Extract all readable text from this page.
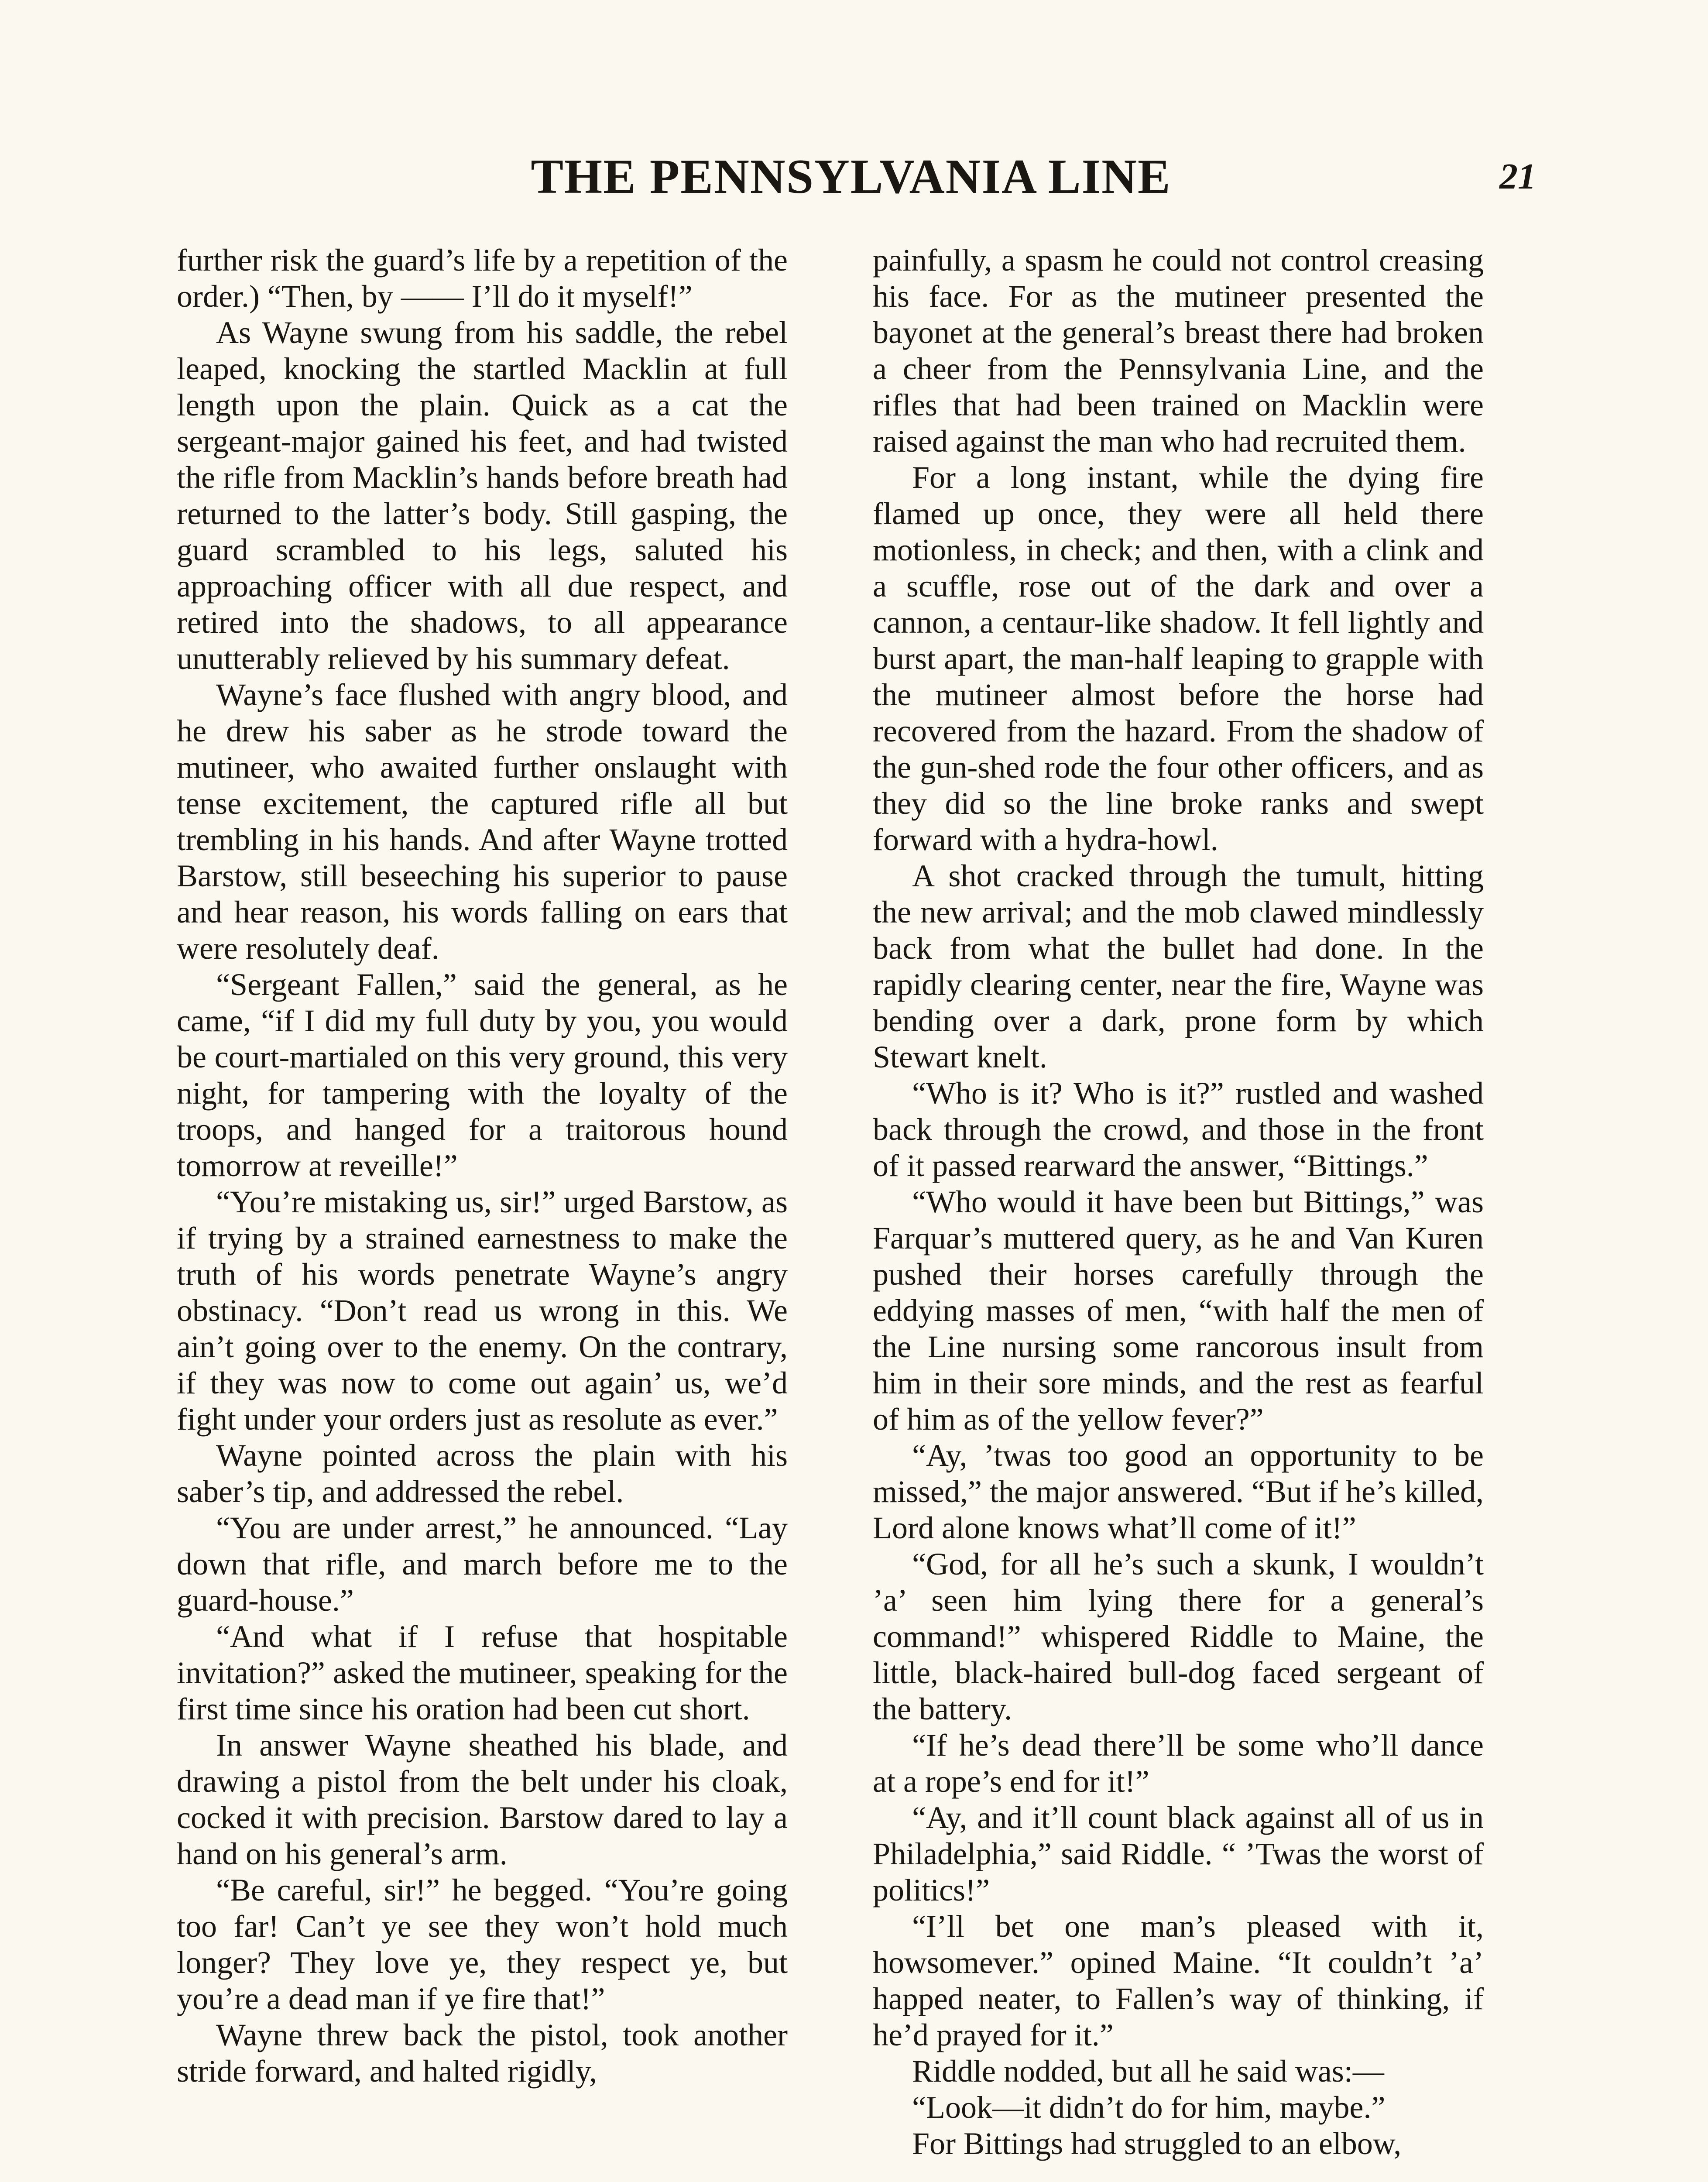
THE PENNSYLVANIA LINE	21

further risk the guard’s life by a repetition of the order.) “Then, by —— I’ll do it myself!”

As Wayne swung from his saddle, the rebel leaped, knocking the startled Macklin at full length upon the plain. Quick as a cat the sergeant-major gained his feet, and had twisted the rifle from Macklin’s hands before breath had returned to the latter’s body. Still gasping, the guard scrambled to his legs, saluted his approaching officer with all due respect, and retired into the shadows, to all appearance unutterably relieved by his summary defeat.

Wayne’s face flushed with angry blood, and he drew his saber as he strode toward the mutineer, who awaited further onslaught with tense excitement, the captured rifle all but trembling in his hands. And after Wayne trotted Barstow, still beseeching his superior to pause and hear reason, his words falling on ears that were resolutely deaf.

“Sergeant Fallen,” said the general, as he came, “if I did my full duty by you, you would be court-martialed on this very ground, this very night, for tampering with the loyalty of the troops, and hanged for a traitorous hound tomorrow at reveille!”

“You’re mistaking us, sir!” urged Barstow, as if trying by a strained earnestness to make the truth of his words penetrate Wayne’s angry obstinacy. “Don’t read us wrong in this. We ain’t going over to the enemy. On the contrary, if they was now to come out again’ us, we’d fight under your orders just as resolute as ever.”

Wayne pointed across the plain with his saber’s tip, and addressed the rebel.

“You are under arrest,” he announced. “Lay down that rifle, and march before me to the guard-house.”

“And what if I refuse that hospitable invitation?” asked the mutineer, speaking for the first time since his oration had been cut short.

In answer Wayne sheathed his blade, and drawing a pistol from the belt under his cloak, cocked it with precision. Barstow dared to lay a hand on his general’s arm.

“Be careful, sir!” he begged. “You’re going too far! Can’t ye see they won’t hold much longer? They love ye, they respect ye, but you’re a dead man if ye fire that!”

Wayne threw back the pistol, took another stride forward, and halted rigidly,

painfully, a spasm he could not control creasing his face. For as the mutineer presented the bayonet at the general’s breast there had broken a cheer from the Pennsylvania Line, and the rifles that had been trained on Macklin were raised against the man who had recruited them.

For a long instant, while the dying fire flamed up once, they were all held there motionless, in check; and then, with a clink and a scuffle, rose out of the dark and over a cannon, a centaur-like shadow. It fell lightly and burst apart, the man-half leaping to grapple with the mutineer almost before the horse had recovered from the hazard. From the shadow of the gun-shed rode the four other officers, and as they did so the line broke ranks and swept forward with a hydra-howl.

A shot cracked through the tumult, hitting the new arrival; and the mob clawed mindlessly back from what the bullet had done. In the rapidly clearing center, near the fire, Wayne was bending over a dark, prone form by which Stewart knelt.

“Who is it? Who is it?” rustled and washed back through the crowd, and those in the front of it passed rearward the answer, “Bittings.”

“Who would it have been but Bittings,” was Farquar’s muttered query, as he and Van Kuren pushed their horses carefully through the eddying masses of men, “with half the men of the Line nursing some rancorous insult from him in their sore minds, and the rest as fearful of him as of the yellow fever?”

“Ay, ’twas too good an opportunity to be missed,” the major answered. “But if he’s killed, Lord alone knows what’ll come of it!”

“God, for all he’s such a skunk, I wouldn’t ’a’ seen him lying there for a general’s command!” whispered Riddle to Maine, the little, black-haired bull-dog faced sergeant of the battery.

“If he’s dead there’ll be some who’ll dance at a rope’s end for it!”

“Ay, and it’ll count black against all of us in Philadelphia,” said Riddle. “ ’Twas the worst of politics!”

“I’ll bet one man’s pleased with it, howsomever.” opined Maine. “It couldn’t ’a’ happed neater, to Fallen’s way of thinking, if he’d prayed for it.”

Riddle nodded, but all he said was:—

“Look—it didn’t do for him, maybe.”

For Bittings had struggled to an elbow,
